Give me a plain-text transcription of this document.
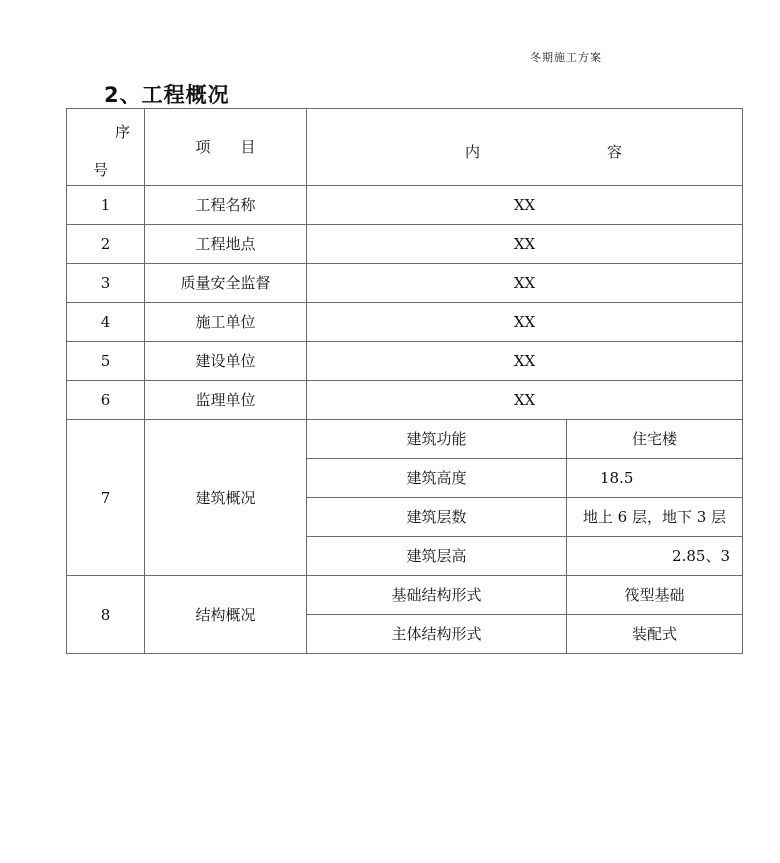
冬期施工方案
2、工程概况
序
号	项 目	内 容	

1	工程名称	XX	
2	工程地点	XX	
3	质量安全监督	XX	
4	施工单位	XX	
5	建设单位	XX	
6	监理单位	XX	
7	建筑概况	建筑功能	住宅楼
		建筑高度	18.5
		建筑层数	地上 6 层，地下 3 层
		建筑层高	2.85、3
8	结构概况	基础结构形式	筏型基础
		主体结构形式	装配式
